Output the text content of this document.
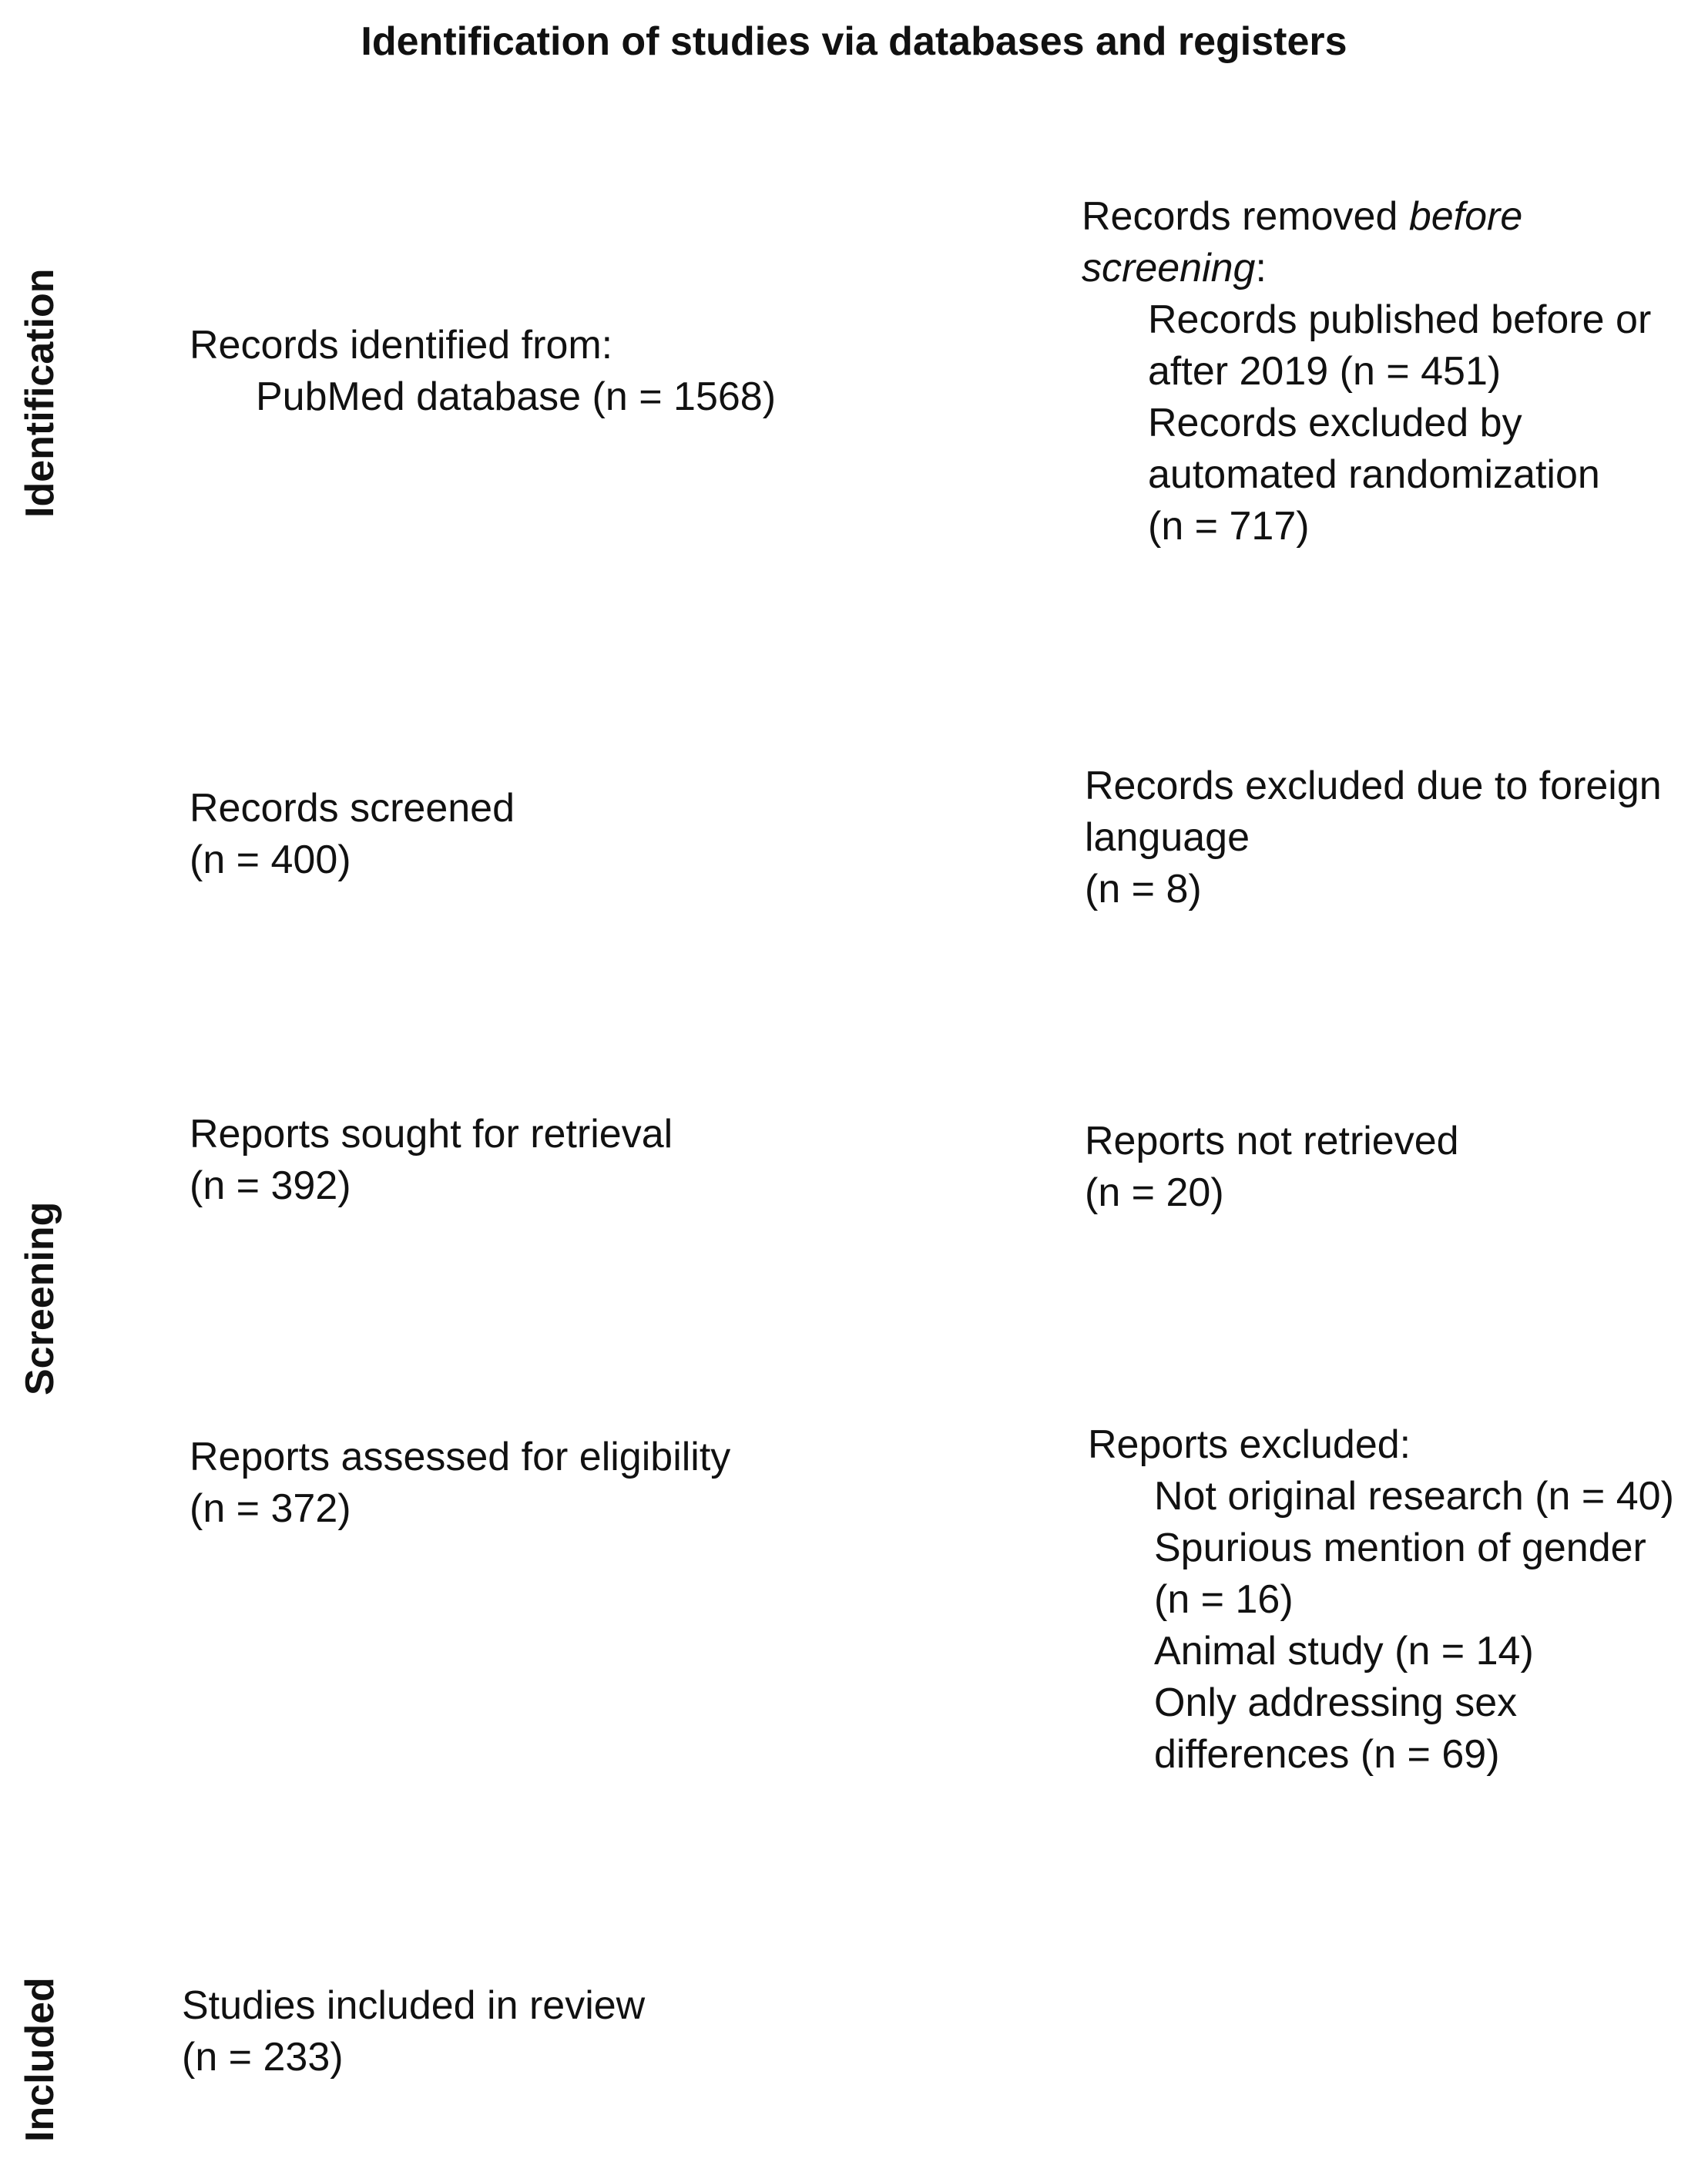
Identification of studies via databases and registers
Identification
Screening
Included
Records identified from:
PubMed database (n = 1568)
Records removed before
screening:
Records published before or
after 2019 (n = 451)
Records excluded by
automated randomization
(n = 717)
Records screened
(n = 400)
Records excluded due to foreign
language
(n = 8)
Reports sought for retrieval
(n = 392)
Reports not retrieved
(n = 20)
Reports assessed for eligibility
(n = 372)
Reports excluded:
Not original research (n = 40)
Spurious mention of gender
(n = 16)
Animal study (n = 14)
Only addressing sex
differences (n = 69)
Studies included in review
(n = 233)
